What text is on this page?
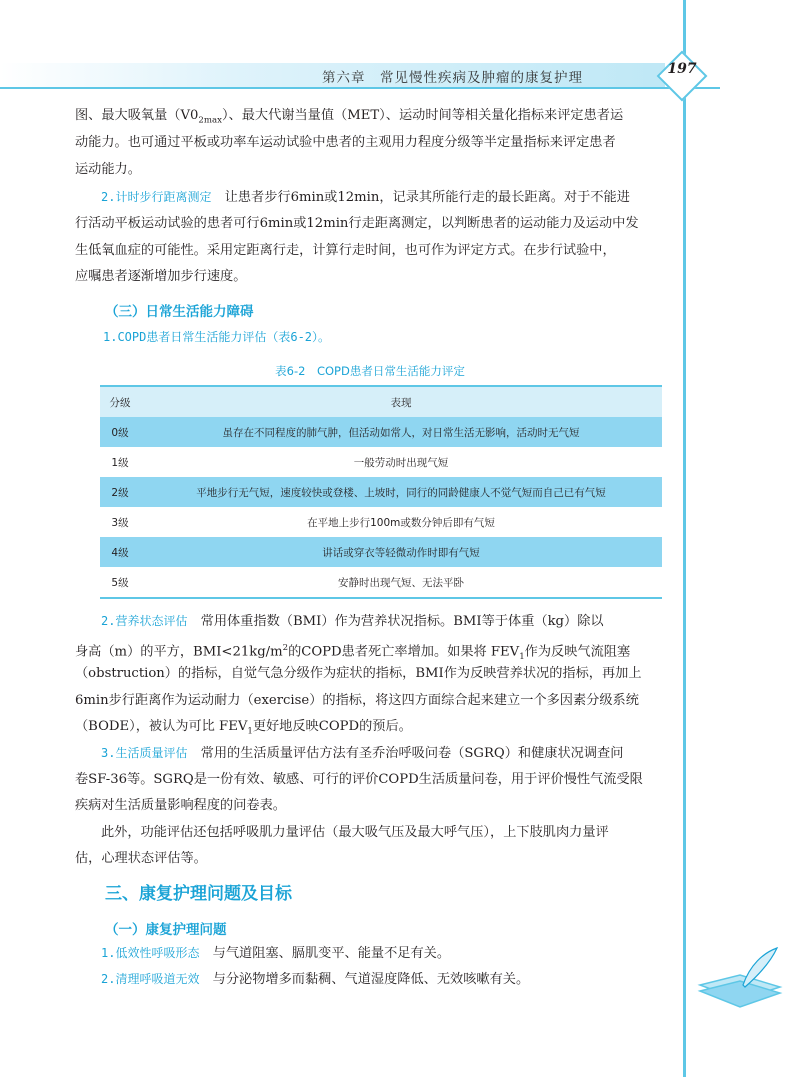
第六章　常见慢性疾病及肿瘤的康复护理
197

图、最大吸氧量$(V0_{2max})$、最大代谢当量值（MET）、运动时间等相关量化指标来评定患者运

动能力。也可通过平板或功率车运动试验中患者的主观用力程度分级等半定量指标来评定患者

运动能力。

2.计时步行距离测定　 让患者步行6min或12min，记录其所能行走的最长距离。对于不能进

行活动平板运动试验的患者可行6min或12min行走距离测定，以判断患者的运动能力及运动中发

生低氧血症的可能性。采用定距离行走，计算行走时间，也可作为评定方式。在步行试验中，

应嘱患者逐渐增加步行速度。

（三）日常生活能力障碍
1.COPD患者日常生活能力评估（表6-2）。
表6-2　COPD患者日常生活能力评定
分级	表现
0级	虽存在不同程度的肺气肿，但活动如常人，对日常生活无影响，活动时无气短
1级	一般劳动时出现气短
2级	平地步行无气短，速度较快或登楼、上坡时，同行的同龄健康人不觉气短而自己已有气短
3级	在平地上步行100m或数分钟后即有气短
4级	讲话或穿衣等轻微动作时即有气短
5级	安静时出现气短、无法平卧

2.营养状态评估　 常用体重指数（BMI）作为营养状况指标。BMI等于体重（kg）除以

身高（m）的平方，$BMI<21kg/m^2$的COPD患者死亡率增加。如果将 $FEV_1$作为反映气流阻塞

（obstruction）的指标，自觉气急分级作为症状的指标，BMI作为反映营养状况的指标，再加上

6min步行距离作为运动耐力（exercise）的指标，将这四方面综合起来建立一个多因素分级系统

（BODE），被认为可比 $FEV_1$更好地反映COPD的预后。

3.生活质量评估　 常用的生活质量评估方法有圣乔治呼吸问卷（SGRQ）和健康状况调查问

卷SF-36等。SGRQ是一份有效、敏感、可行的评价COPD生活质量问卷，用于评价慢性气流受限

疾病对生活质量影响程度的问卷表。

此外，功能评估还包括呼吸肌力量评估（最大吸气压及最大呼气压），上下肢肌肉力量评

估，心理状态评估等。

三、康复护理问题及目标
（一）康复护理问题

1.低效性呼吸形态　 与气道阻塞、膈肌变平、能量不足有关。

2.清理呼吸道无效　 与分泌物增多而黏稠、气道湿度降低、无效咳嗽有关。
